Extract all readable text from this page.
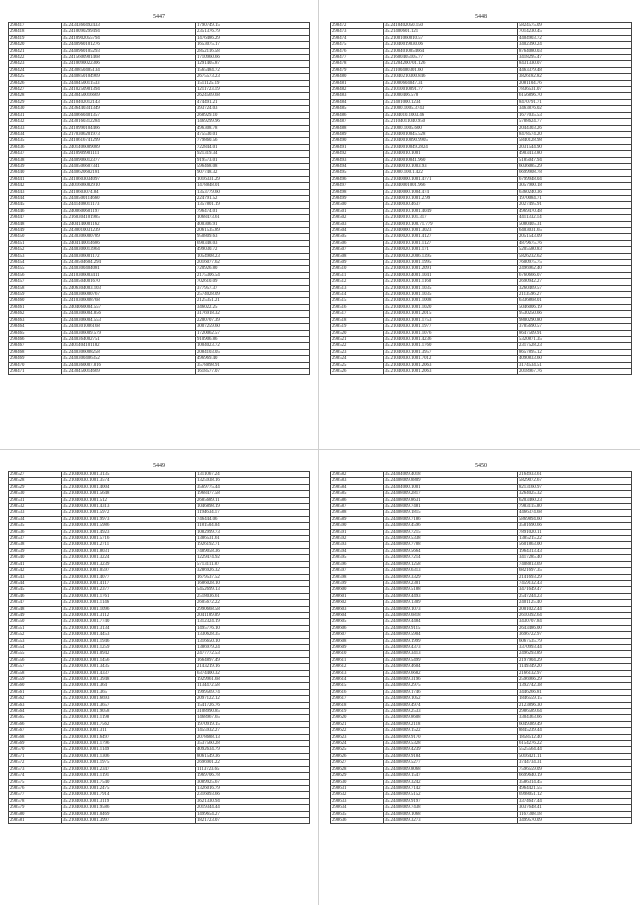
5447
298417	35.2434360492433	1790749.15
298418	35.2410090299494	2351376.79
298419	35.2410902055794	1476486.29
298420	35.2440960101276	1653075.17
298421	35.2440960105293	2852116.58
298422	35.2415600901468	1710960.66
298423	35.2410090022306	1291405.87
298424	35.2430850405134	1565484.72
298425	35.2440850104969	2675573.23
298426	35.2440450011533	1511125.19
298427	35.2410250901394	1211723.19
298428	35.2430450016669	2624569.68
298429	35.2410402012143	474491.21
298430	35.2436440341349	393724.03
298431	35.2440660401357	268929.10
298432	35.2430160312284	1469299.96
298433	35.2410990104466	496308.78
298434	35.2170306201973	475530.01
298435	35.2410616741299	779860.56
298436	35.2401406089089	722844.01
298437	35.2410909901111	921319.34
298438	35.2440906012377	919573.01
298439	35.2440506607341	596468.08
298440	35.2440620602181	907748.32
298441	35.2410603034097	1016331.29
298442	35.2401606082910	1478848.01
298443	35.2410603074.84	1353779.60
298444	35.2440500114660	224791.52
298445	35.2441408011173	1357801.19
298446	35.2400600601197	796474.01
298447	35.2160304101985	1068473.61
298448	35.2404140001162	400306.91
298449	35.2430010031239	2061535.89
298450	35.2430306000789	950809.63
298451	35.2404140014686	690348.03
298452	35.2440300013964	499030.72
298453	35.2440306001172	1054908.23
298454	35.2430504604.294	2016077.62
298455	35.2440300404081	720926.80
298456	35.2410306003411	2175306.54
298457	35.2440504001670	702610.09
298458	35.2406304003.103	377957.37
298459	35.2440306000767	2574028.09
298460	35.2410306008768	2125351.21
298461	35.2404060004.557	346022.25
298462	35.2440306004.856	3176918.32
298463	35.2440306004.553	2200707.39
298464	35.2440301006168	3007259.60
298465	35.2440306009.579	1720062.57
298466	35.2440364002751	910906.86
298467	35.2401404101182	1004023.72
298468	35.2440306008258	2084103.05
298469	35.2440300406352	496969.40
298470	35.2440360007.816	3578898.91
298471	35.2430450014669	1618577.07
5448
298472	35.2410402050.150	5824575.09
298473	35.21400601.121	7014230.45
298474	35.21001060010.57	4404903.72
298475	35.21040019030.06	3402390.24
298476	35.21004010054664	8764080.03
298477	35.21600405105.77	3418295.47
298478	35.21204200701.126	8431330.07
298479	35.21100400301.60	4463379.48
298480	35.21040210300.846	3826182.82
298481	35.21000604047.31	2081104.76
298482	35.21010010091.77	7836531.07
298483	35.21000406.578	6156896.70
298484	35.21401000.1234	8470791.71
298485	35.21000.1005.3743	3463876.02
298486	35.2104010.1003.46	1677035.53
298487	35.21104011040.950	5788624.77
298488	35.21000.1005.600	2044303.26
298489	35.21040010045.528	8478574.20
298490	35.21040010090.9905	5840128.98
298491	35.21040010049.2824	2031544.90
298492	35.21040010.1001	4903413.80
298493	35.21040010041.960	5185047.94
298494	35.21040010.1003.93	6036085.29
298495	35.21000.100.1.422	6699908.78
298496	35.21040000.1001.4771	6799948.04
298497	35.21040001001.966	3057900.18
298498	35.21040000.1004.474	6360240.36
298499	35.21040010.1001.2.99	1970084.71
298500	35.21040030.4637	2027495.91
298501	35.21040010.1001.4049	4969470.48
298502	35.21040010.101.317	4411332.14
298503	35.21040010.100.71.779	5080405.31
298504	35.21040000.1001.3023	6403031.65
298505	35.21040020.1001.4127	2051543.09
298506	35.21040010.1001.1127	4879675.76
298507	35.21040020.1001.171	5205580.83
298508	35.21040030.2006.1395	5826232.62
298509	35.21040030.1001.1995	7600975.75
298510	35.21040030.1001.2091	2496962.40
298511	35.21040030.4001.1041	6760666.07
298512	35.21040030.1001.1160	2690942.27
298513	35.21040030.1001.1035	3260469.57
298514	35.21040030.1001.1035	2113596.27
298515	35.21040030.1001.1008	6336868.01
298516	35.21040030.1001.1020	5046006.19
298517	35.21040030.1001.2015	9530250.66
298518	35.21040030.1001.1753	9800290.80
298519	35.21040030.1001.1977	3785690.57
298520	35.21040030.1001.1076	8647509.91
298521	35.21040030.1001.4236	5320871.35
298522	35.21040030.1001.1760	2317528.23
298523	35.21040030.1001.3957	8657895.12
298524	35.21040030.1001.7012	4090833.60
298525	35.21040030.1001.2063	3174534.51
298526	35.21040030.1001.2063	2018967.76
5449
298527	35.21040030.1001.3135	1311067.24
298528	35.21040030.1001.3574	1325938.16
298529	35.21040030.1001.4004	3569775.44
298530	35.21040030.1001.5648	1968477.58
298531	35.21040030.1001.512	2685689.11
298532	35.21040030.1001.4313	1046898.19
298533	35.21040030.1001.5972	1194634.17
298534	35.21040030.1001.9973	746444.06
298535	35.21040030.1001.5986	1181504.04
298536	35.21040030.1001.4923	1082999.73
298537	35.21040030.1001.5716	1386531.61
298538	35.21040030.1001.2711	1926192.71
298539	35.21040030.1001.8031	7489058.36
298540	35.21040030.1001.3224	1229474.92
298541	35.21040030.1001.3239	5713111.87
298542	35.21040030.1001.0597	3286926.32
298543	35.21040030.1001.4077	1679537.52
298544	35.21040030.1001.4117	1686028.10
298545	35.21040030.1001.2377	5452699.13
298546	35.21040030.1001.1761	2518036.61
298547	35.21040030.1001.1146	2605672.22
298548	35.21040030.1001.1096	2990668.58
298549	35.21040030.1001.3112	2041189.09
298550	35.21040030.1001.7740	1312324.19
298551	35.21040030.1001.3134	1495776.10
298552	35.21040030.1001.4453	1330628.35
298553	35.21040030.1001.1946	1316650.10
298554	35.21040030.1001.1259	1386979.24
298555	35.21040030.1001.0942	2477772.53
298556	35.21040030.1001.1456	1664897.49
298557	35.21040030.1001.3435	2143219.16
298558	35.21040030.1001.4337	6374400.32
298559	35.21040030.1001.3948	1929961.68
298560	35.21040030.1001.364	1134472.58
298561	35.21040030.1001.365	1999569.74
298562	35.21040030.1001.6693	2097122.12
298563	35.21040030.1001.3657	1541726.76
298564	35.21040030.1001.9058	3108990.85
298565	35.21040030.1001.1198	1468967.65
298566	35.21040030.1001.7562	1970919.15
298567	35.21040030.1001.311	1455932.27
298568	35.21040030.1001.6497	2078688.13
298569	35.21040030.1001.1796	3537560.28
298570	35.21040030.1001.1149	4092634.79
298571	35.21040030.1001.1306	8061549.36
298572	35.21040030.1001.1975	2696901.22
298573	35.21040030.1001.2347	1113723.65
298574	35.21040030.1001.1191	1969706.78
298575	35.21040030.1001.7540	3089925.67
298576	35.21040030.1001.2475	1326016.79
298577	35.21040030.1001.7914	2316093.66
298578	35.21040030.1001.3119	3621330.94
298579	35.21040030.1001.9586	2019344.44
298580	35.21040030.1001.0469	1499654.27
298581	35.21040030.1001.3997	1821723.07
5450
298582	35.24404009.4018	2164933.61
298583	35.24408009.8809	5829072.67
298584	35.24404000.1001	8213160.97
298585	35.24408009.2817	3264025.32
298586	35.24408009.8631	6203460.23
298587	35.24408009.7481	7983115.80
298588	35.24408009.1815	4466374.68
298589	35.24408009.7186	5869894.60
298590	35.24408009.4596	3581690.66
298591	35.24408009.7215	7891020.11
298592	35.24408009.5338	1385215.22
298593	35.24408009.7788	5601863.00
298594	35.24408009.5664	1964313.43
298595	35.24408009.7214	3417285.40
298596	35.24408009.1258	7408813.69
298597	35.24408009.6313	6821697.35
298598	35.24408009.3329	2141693.29
298599	35.24408009.2301	7459132.43
298600	35.24408009.5188	3471649.47
298601	35.24408009.4493	2547244.23
298602	35.24408009.1309	2401125.40
298603	35.24408009.1073	2001022.44
298604	35.24408009.6818	2610392.64
298605	35.24408009.4484	3430707.84
298606	35.24408009.9115	2643486.00
298607	35.24408009.5904	3696722.97
298608	35.24408009.1999	6067535.79
298609	35.24408009.4373	3370993.44
298610	35.24408009.3413	2496293.89
298611	35.24408009.5499	2197904.29
298612	35.24408009.4604	1149349.20
298613	35.24408009.6682	2166132.97
298614	35.24408009.3196	2596966.29
298615	35.24408009.2975	1392742.38
298616	35.24408009.1746	3446266.81
298617	35.24408009.1052	1846559.15
298618	35.24408009.4974	2123896.30
298619	35.24408009.2533	2986589.64
298620	35.24408009.8608	3304363.66
298621	35.24408009.2118	6049389.49
298622	35.24408009.1522	8845239.44
298623	35.24408009.9170	1858512.40
298624	35.24408009.5328	6154276.22
298625	35.24408009.4239	5525564.44
298626	35.24408009.9184	5016421.11
298627	35.24408009.5277	3744734.31
298628	35.24408009.8068	7596559.09
298629	35.24408009.1547	6699640.19
298630	35.24408009.3242	3586314.45
298631	35.24408009.7142	4964421.55
298632	35.24408009.5152	6998051.12
298633	35.24408009.9197	3374647.44
298634	35.24408009.7438	3037648.41
298635	35.24408009.1068	1167308.18
298636	35.24408009.3273	3499570.09
